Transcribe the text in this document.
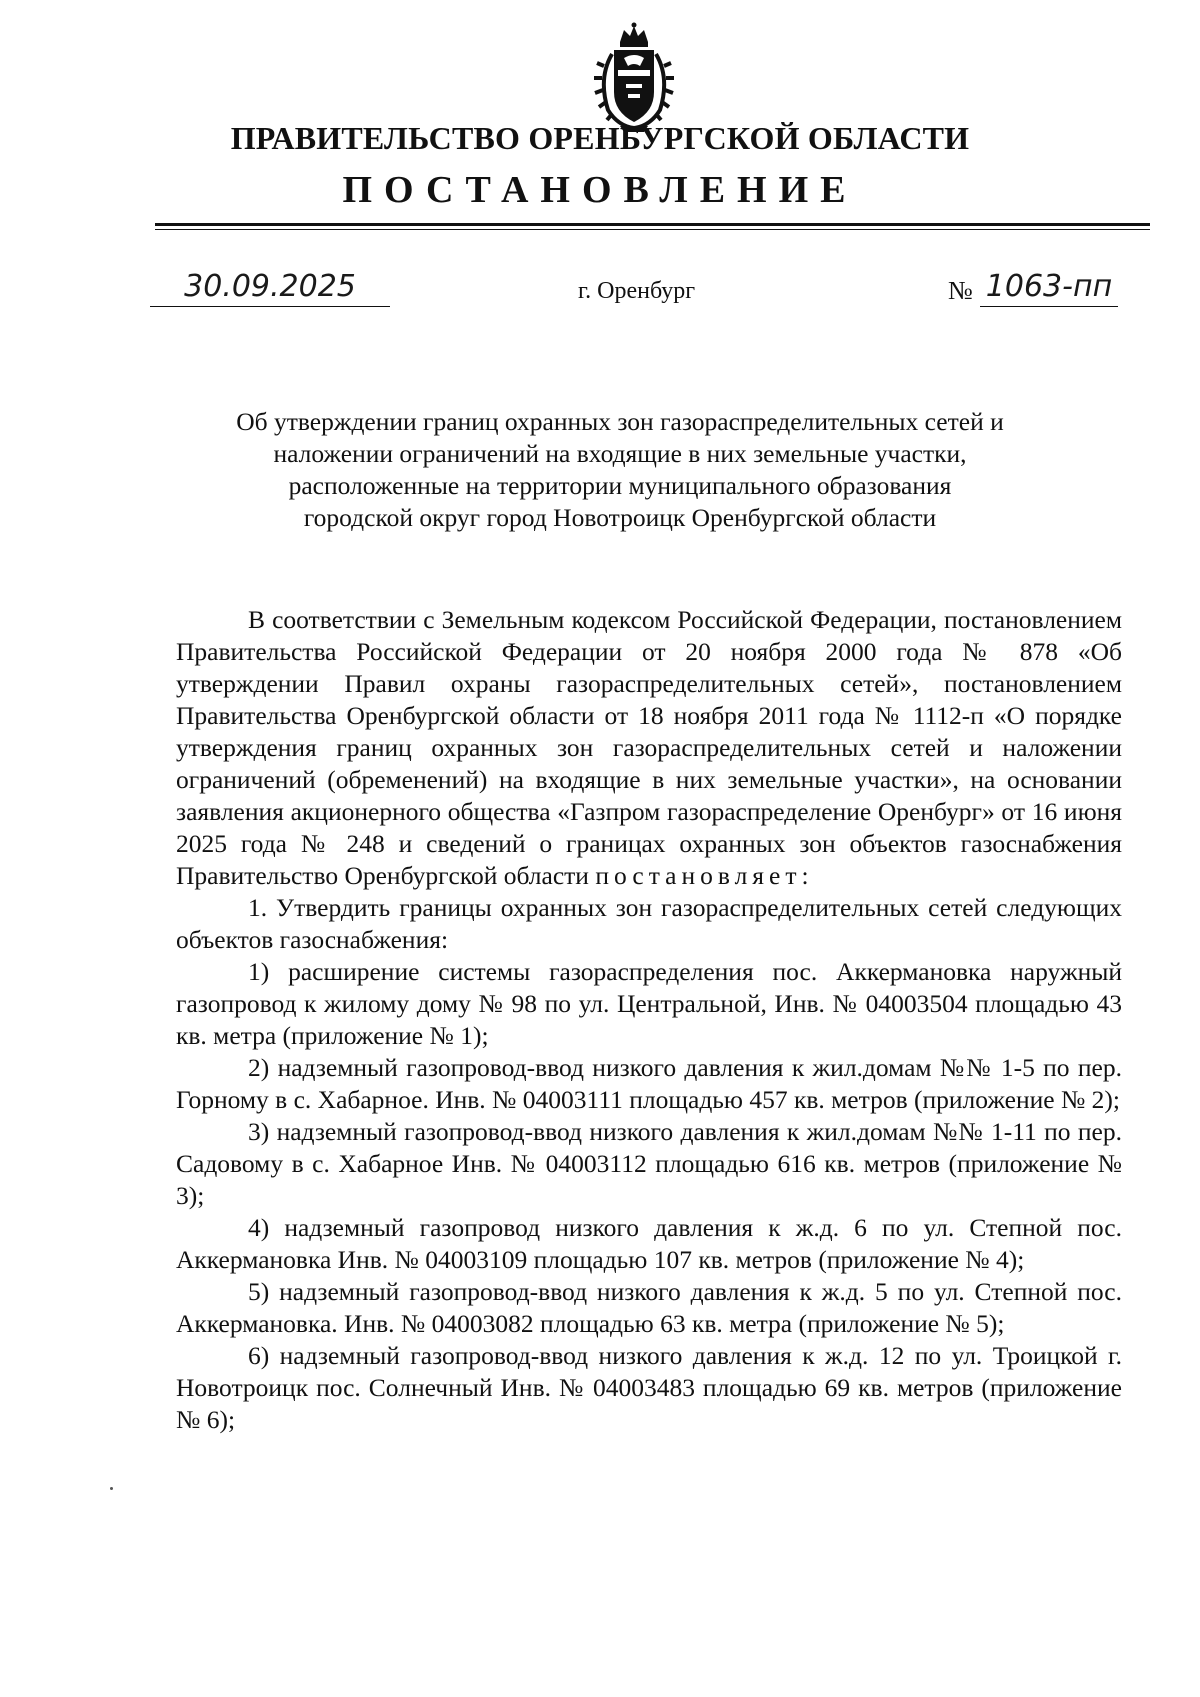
ПРАВИТЕЛЬСТВО ОРЕНБУРГСКОЙ ОБЛАСТИ
ПОСТАНОВЛЕНИЕ
30.09.2025	г. Оренбург	№ 1063-пп
Об утверждении границ охранных зон газораспределительных сетей и
наложении ограничений на входящие в них земельные участки,
расположенные на территории муниципального образования
городской округ город Новотроицк Оренбургской области

В соответствии с Земельным кодексом Российской Федерации, постановлением Правительства Российской Федерации от 20 ноября 2000 года № 878 «Об утверждении Правил охраны газораспределительных сетей», постановлением Правительства Оренбургской области от 18 ноября 2011 года № 1112-п «О порядке утверждения границ охранных зон газораспределительных сетей и наложении ограничений (обременений) на входящие в них земельные участки», на основании заявления акционерного общества «Газпром газораспределение Оренбург» от 16 июня 2025 года № 248 и сведений о границах охранных зон объектов газоснабжения Правительство Оренбургской области постановляет:

1. Утвердить границы охранных зон газораспределительных сетей следующих объектов газоснабжения:

1) расширение системы газораспределения пос. Аккермановка наружный газопровод к жилому дому № 98 по ул. Центральной, Инв. № 04003504 площадью 43 кв. метра (приложение № 1);

2) надземный газопровод-ввод низкого давления к жил.домам №№ 1-5 по пер. Горному в с. Хабарное. Инв. № 04003111 площадью 457 кв. метров (приложение № 2);

3) надземный газопровод-ввод низкого давления к жил.домам №№ 1-11 по пер. Садовому в с. Хабарное Инв. № 04003112 площадью 616 кв. метров (приложение № 3);

4) надземный газопровод низкого давления к ж.д. 6 по ул. Степной пос. Аккермановка Инв. № 04003109 площадью 107 кв. метров (приложение № 4);

5) надземный газопровод-ввод низкого давления к ж.д. 5 по ул. Степной пос. Аккермановка. Инв. № 04003082 площадью 63 кв. метра (приложение № 5);

6) надземный газопровод-ввод низкого давления к ж.д. 12 по ул. Троицкой г. Новотроицк пос. Солнечный Инв. № 04003483 площадью 69 кв. метров (приложение № 6);
